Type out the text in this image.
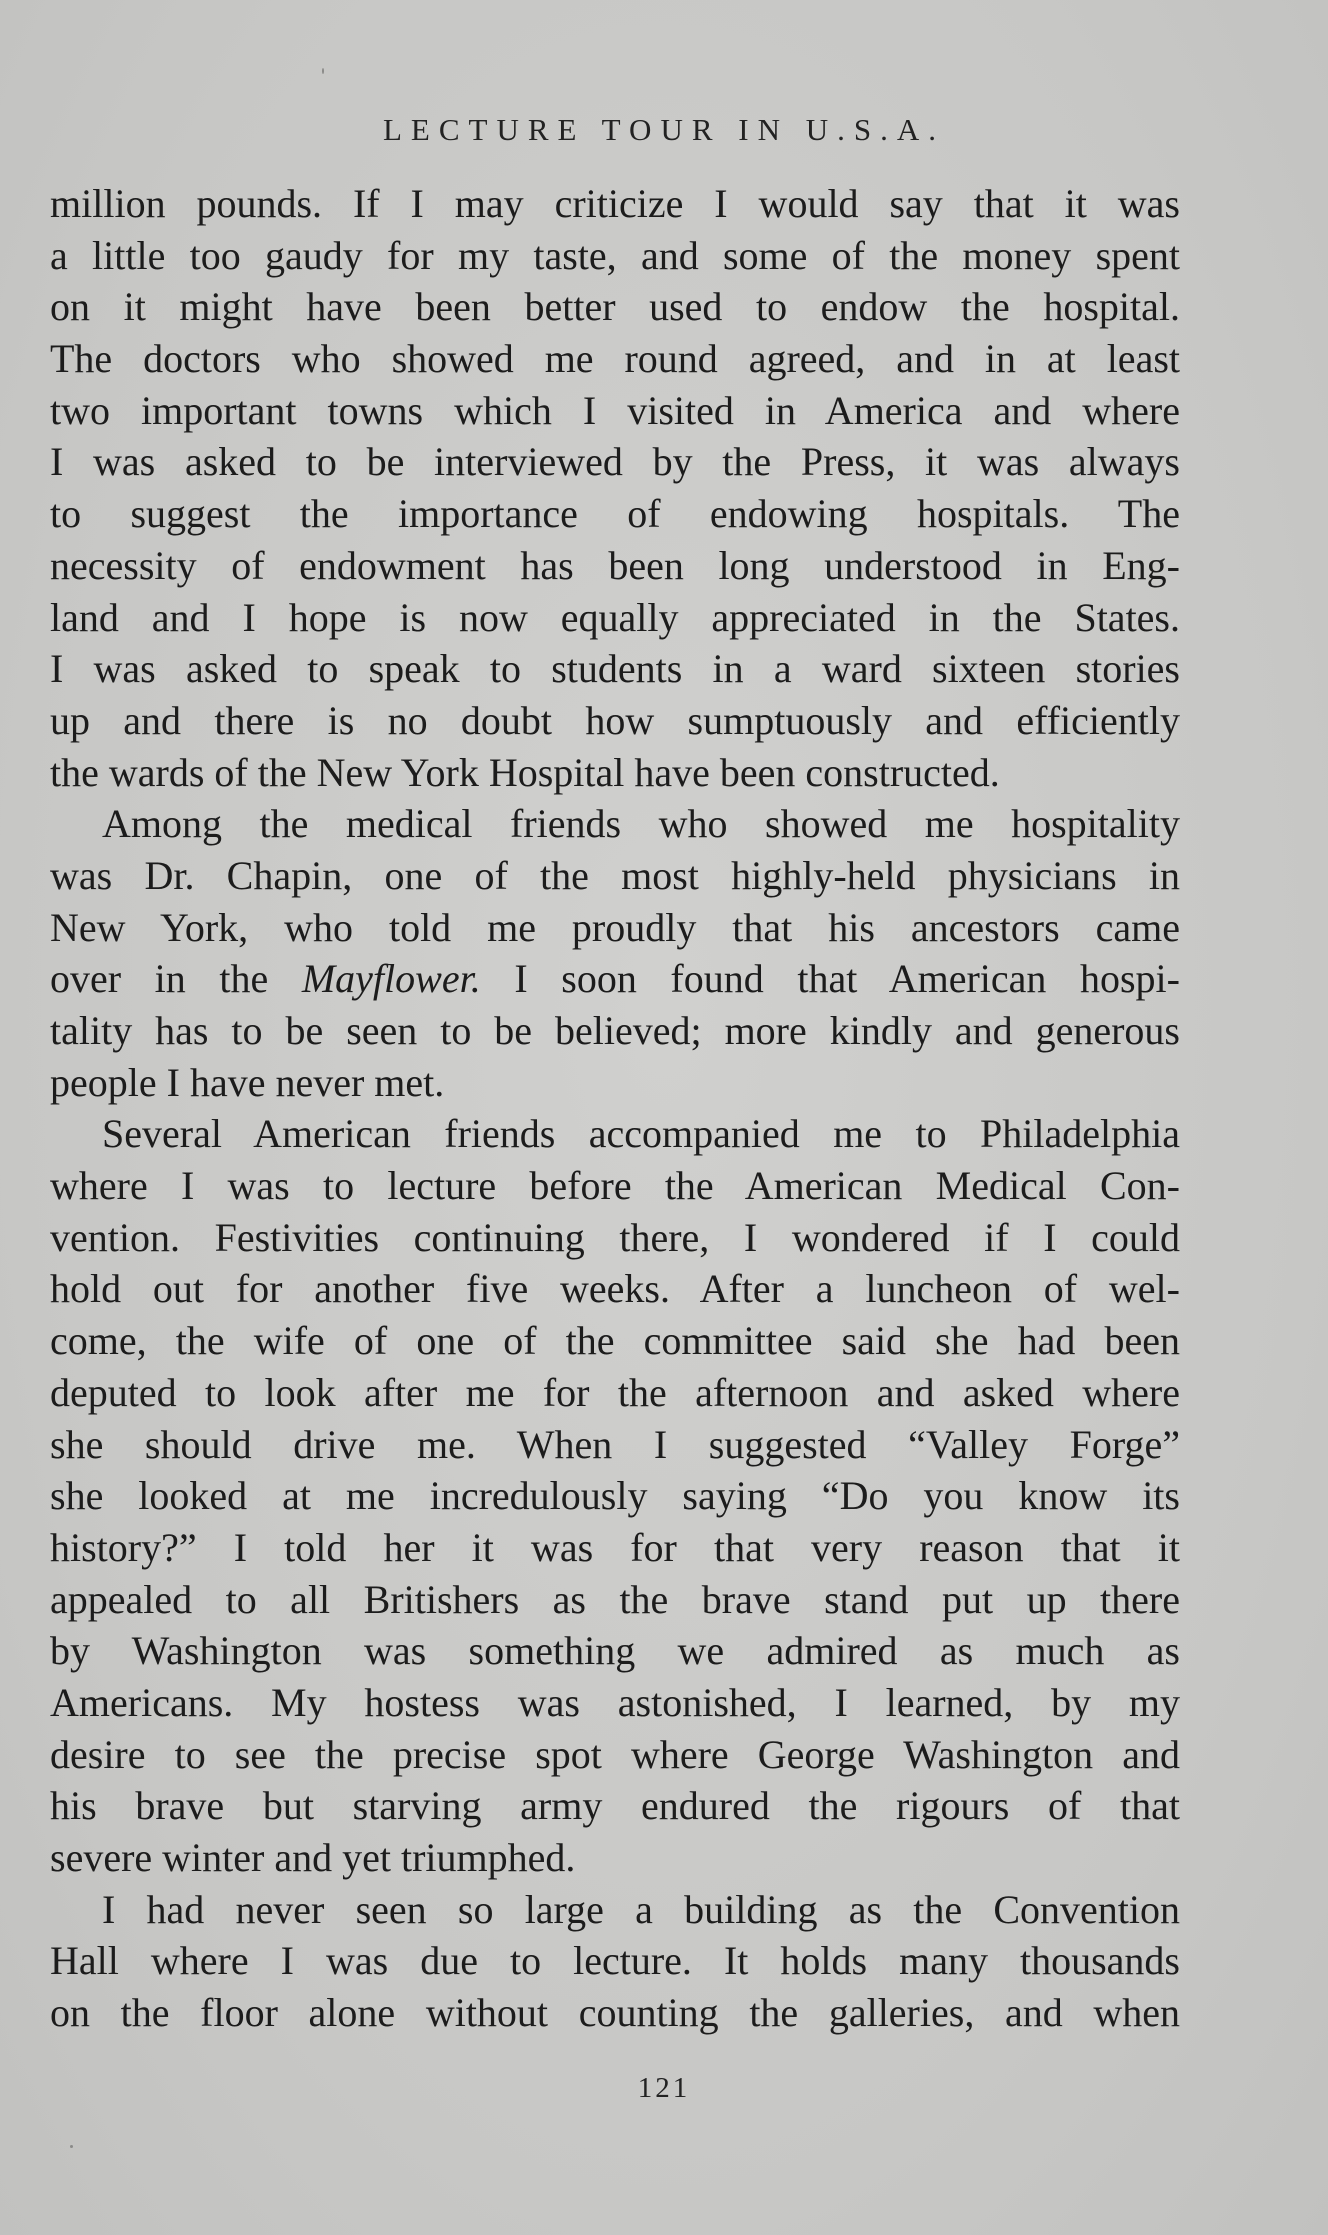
LECTURE TOUR IN U.S.A.
million pounds. If I may criticize I would say that it was
a little too gaudy for my taste, and some of the money spent
on it might have been better used to endow the hospital.
The doctors who showed me round agreed, and in at least
two important towns which I visited in America and where
I was asked to be interviewed by the Press, it was always
to suggest the importance of endowing hospitals. The
necessity of endowment has been long understood in Eng-
land and I hope is now equally appreciated in the States.
I was asked to speak to students in a ward sixteen stories
up and there is no doubt how sumptuously and efficiently
the wards of the New York Hospital have been constructed.
Among the medical friends who showed me hospitality
was Dr. Chapin, one of the most highly-held physicians in
New York, who told me proudly that his ancestors came
over in the Mayflower. I soon found that American hospi-
tality has to be seen to be believed; more kindly and generous
people I have never met.
Several American friends accompanied me to Philadelphia
where I was to lecture before the American Medical Con-
vention. Festivities continuing there, I wondered if I could
hold out for another five weeks. After a luncheon of wel-
come, the wife of one of the committee said she had been
deputed to look after me for the afternoon and asked where
she should drive me. When I suggested “Valley Forge”
she looked at me incredulously saying “Do you know its
history?” I told her it was for that very reason that it
appealed to all Britishers as the brave stand put up there
by Washington was something we admired as much as
Americans. My hostess was astonished, I learned, by my
desire to see the precise spot where George Washington and
his brave but starving army endured the rigours of that
severe winter and yet triumphed.
I had never seen so large a building as the Convention
Hall where I was due to lecture. It holds many thousands
on the floor alone without counting the galleries, and when
121
